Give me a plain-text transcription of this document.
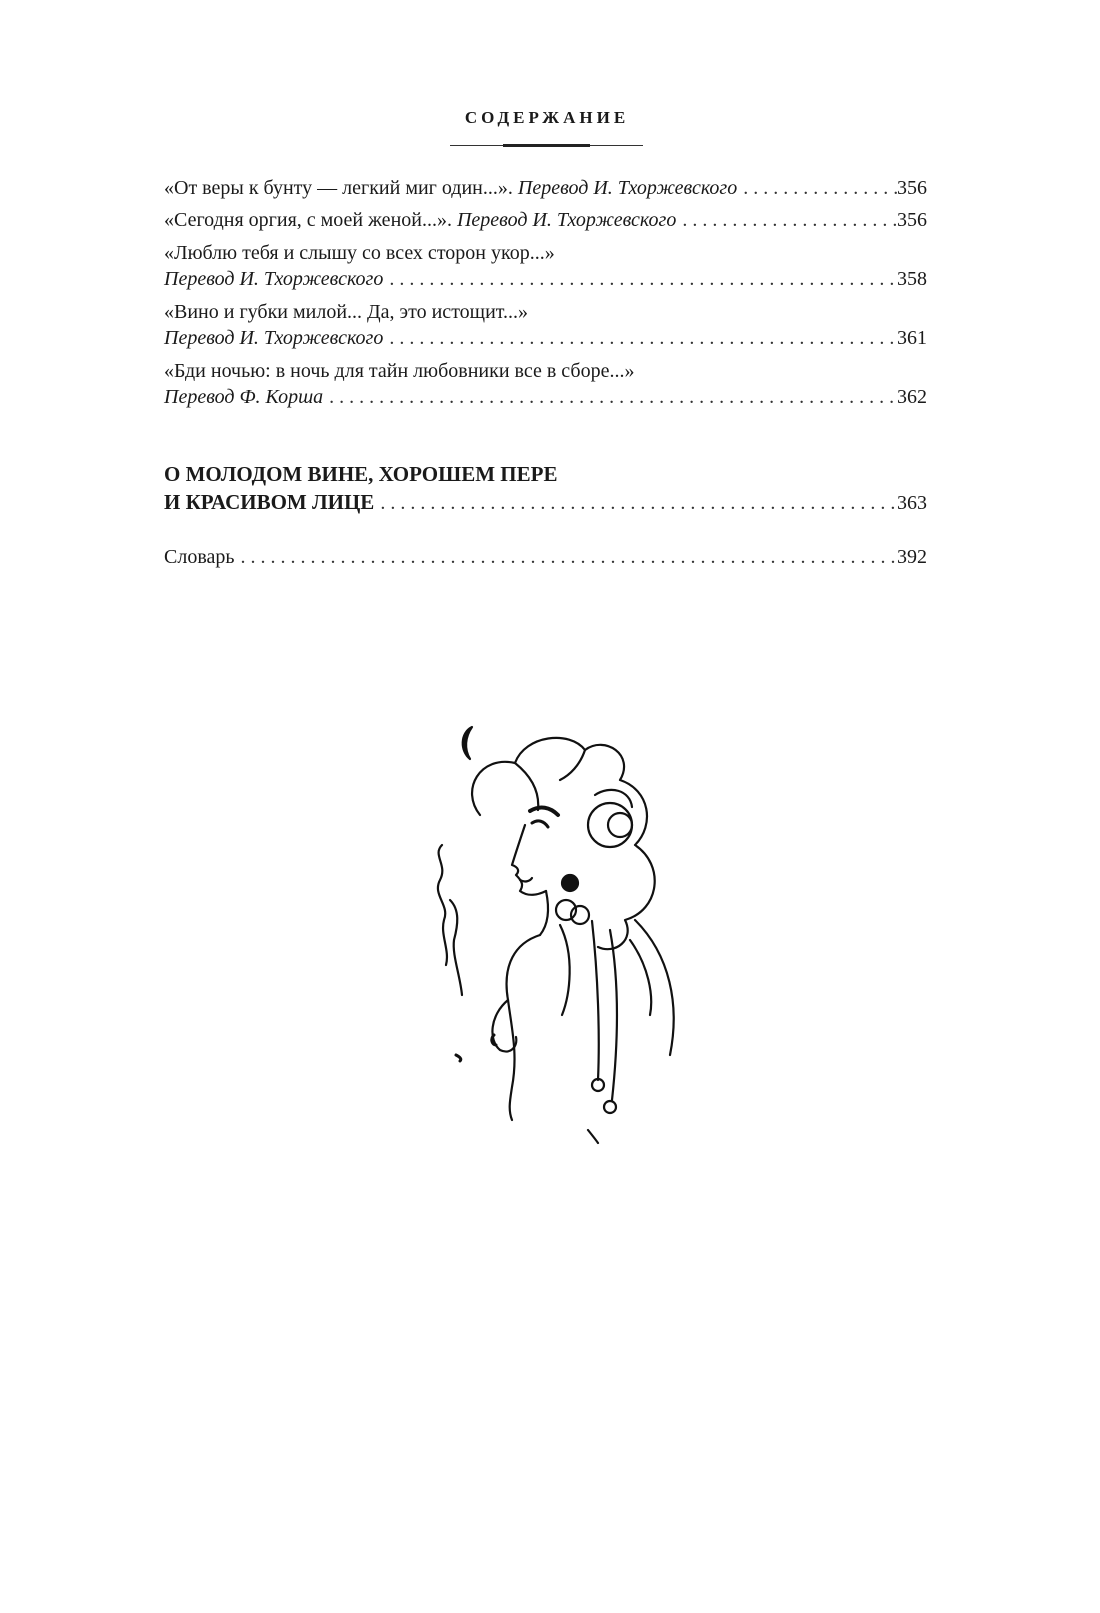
СОДЕРЖАНИЕ
«От веры к бунту — легкий миг один...». Перевод И. Тхоржевского . . .	356
«Сегодня оргия, с моей женой...». Перевод И. Тхоржевского . . .	356
«Люблю тебя и слышу со всех сторон укор...»
Перевод И. Тхоржевского . . .	358
«Вино и губки милой... Да, это истощит...»
Перевод И. Тхоржевского . . .	361
«Бди ночью: в ночь для тайн любовники все в сборе...»
Перевод Ф. Корша . . .	362
О МОЛОДОМ ВИНЕ, ХОРОШЕМ ПЕРЕ
И КРАСИВОМ ЛИЦЕ . . .	363
Словарь . . .	392
